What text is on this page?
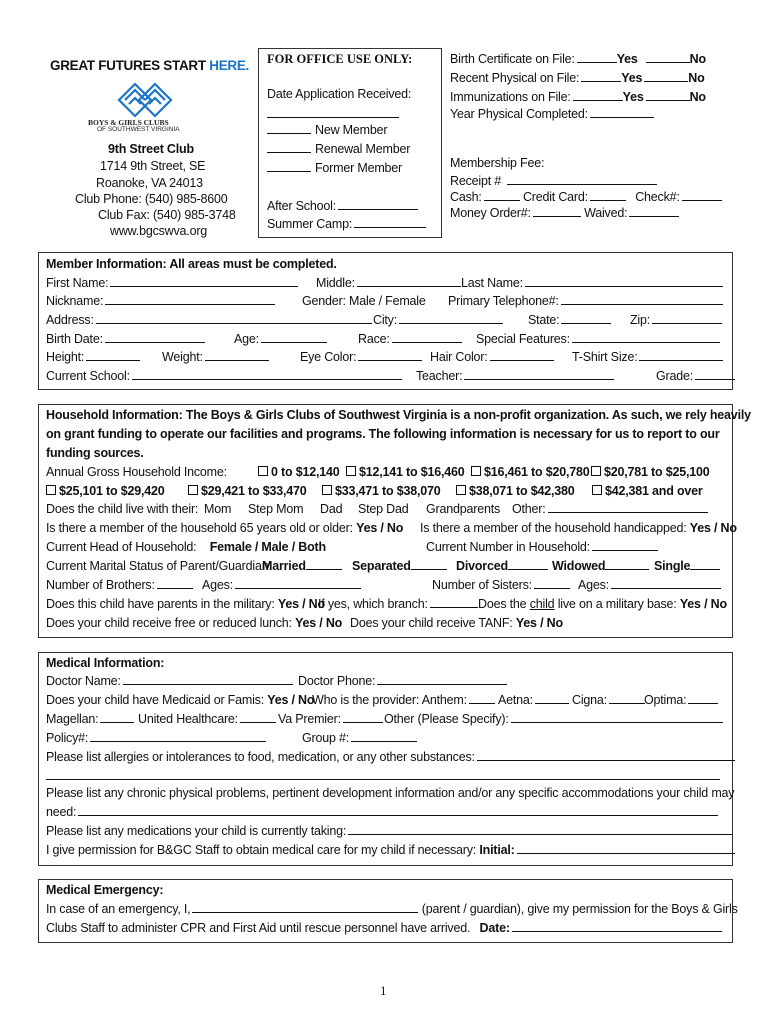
GREAT FUTURES START HERE.
BOYS & GIRLS CLUBS
OF SOUTHWEST VIRGINIA
9th Street Club
1714 9th Street, SE
Roanoke, VA 24013
Club Phone: (540) 985-8600
Club Fax: (540) 985-3748
www.bgcswva.org
FOR OFFICE USE ONLY:
Date Application Received:
New Member
Renewal Member
Former Member
After School:
Summer Camp:
Birth Certificate on File:	Yes	No
Recent Physical on File:	Yes	No
Immunizations on File:	Yes	No
Year Physical Completed:
Membership Fee:
Receipt #
Cash:	Credit Card:	Check#:
Money Order#:	Waived:
Member Information: All areas must be completed.
First Name:	Middle:	Last Name:
Nickname:	Gender: Male / Female Primary Telephone#:
Address:	City:	State:	Zip:
Birth Date:	Age:	Race:	Special Features:
Height:	Weight:	Eye Color:	Hair Color:	T-Shirt Size:
Current School:	Teacher:	Grade:
Household Information: The Boys & Girls Clubs of Southwest Virginia is a non-profit organization. As such, we rely heavily
on grant funding to operate our facilities and programs. The following information is necessary for us to report to our
funding sources.
Annual Gross Household Income:	0 to $12,140	$12,141 to $16,460	$16,461 to $20,780	$20,781 to $25,100
$25,101 to $29,420	$29,421 to $33,470	$33,471 to $38,070	$38,071 to $42,380	$42,381 and over
Does the child live with their: Mom Step Mom Dad Step Dad Grandparents Other:
Is there a member of the household 65 years old or older: Yes / No Is there a member of the household handicapped: Yes / No
Current Head of Household: Female / Male / Both	Current Number in Household:
Current Marital Status of Parent/Guardian:
Married	Separated	Divorced	Widowed	Single
Number of Brothers:	Ages:	Number of Sisters:	Ages:
Does this child have parents in the military: Yes / No
If yes, which branch:	Does the child live on a military base: Yes / No
Does your child receive free or reduced lunch: Yes / No Does your child receive TANF: Yes / No
Medical Information:
Doctor Name:	Doctor Phone:
Does your child have Medicaid or Famis: Yes / No
Who is the provider: Anthem:	Aetna:	Cigna:	Optima:
Magellan:	United Healthcare:	Va Premier:	Other (Please Specify):
Policy#:	Group #:
Please list allergies or intolerances to food, medication, or any other substances:
Please list any chronic physical problems, pertinent development information and/or any specific accommodations your child may
need:
Please list any medications your child is currently taking:
I give permission for B&GC Staff to obtain medical care for my child if necessary: Initial:
Medical Emergency:
In case of an emergency, I,	(parent / guardian), give my permission for the Boys & Girls
Clubs Staff to administer CPR and First Aid until rescue personnel have arrived. Date:
1
